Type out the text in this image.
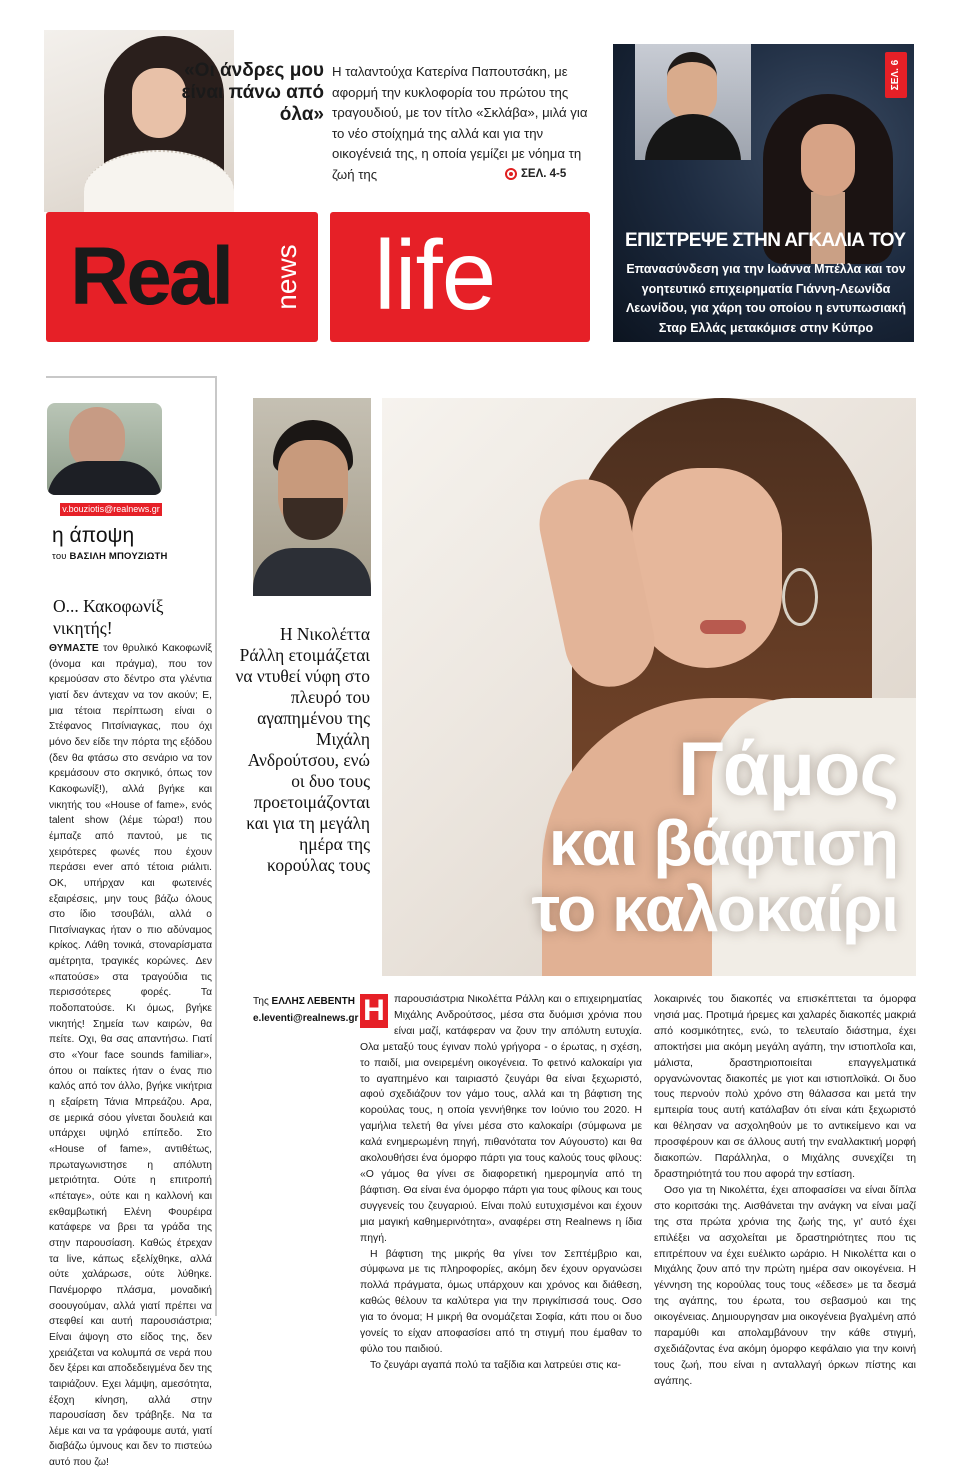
«Οι άνδρες μου είναι πάνω από όλα»
Η ταλαντούχα Κατερίνα Παπουτσάκη, με αφορμή την κυκλοφορία του πρώτου της τραγουδιού, με τον τίτλο «Σκλάβα», μιλά για το νέο στοίχημά της αλλά και για την οικογένειά της, η οποία γεμίζει με νόημα τη ζωή της	ΣΕΛ. 4-5
Real news life
ΣΕΛ. 6
ΕΠΙΣΤΡΕΨΕ ΣΤΗΝ ΑΓΚΑΛΙΑ ΤΟΥ
Επανασύνδεση για την Ιωάννα Μπέλλα και τον γοητευτικό επιχειρηματία Γιάννη-Λεωνίδα Λεωνίδου, για χάρη του οποίου η εντυπωσιακή Σταρ Ελλάς μετακόμισε στην Κύπρο
v.bouziotis@realnews.gr
η άποψη
του ΒΑΣΙΛΗ ΜΠΟΥΖΙΩΤΗ
Ο... Κακοφωνίξ νικητής!
ΘΥΜΑΣΤΕ τον θρυλικό Κακοφωνίξ (όνομα και πράγμα), που τον κρεμούσαν στο δέντρο στα γλέντια γιατί δεν άντεχαν να τον ακούν; Ε, μια τέτοια περίπτωση είναι ο Στέφανος Πιτσίνιαγκας, που όχι μόνο δεν είδε την πόρτα της εξόδου (δεν θα φτάσω στο σενάριο να τον κρεμάσουν στο σκηνικό, όπως τον Κακοφωνίξ!), αλλά βγήκε και νικητής του «House of fame», ενός talent show (λέμε τώρα!) που έμπαζε από παντού, με τις χειρότερες φωνές που έχουν περάσει ever από τέτοια ριάλιτι. ΟΚ, υπήρχαν και φωτεινές εξαιρέσεις, μην τους βάζω όλους στο ίδιο τσουβάλι, αλλά ο Πιτσίνιαγκας ήταν ο πιο αδύναμος κρίκος. Λάθη τονικά, στοναρίσματα αμέτρητα, τραγικές κορώνες. Δεν «πατούσε» στα τραγούδια τις περισσότερες φορές. Τα ποδοπατούσε. Κι όμως, βγήκε νικητής! Σημεία των καιρών, θα πείτε. Οχι, θα σας απαντήσω. Γιατί στο «Your face sounds familiar», όπου οι παίκτες ήταν ο ένας πιο καλός από τον άλλο, βγήκε νικήτρια η εξαίρετη Τάνια Μπρεάζου. Αρα, σε μερικά σόου γίνεται δουλειά και υπάρχει υψηλό επίπεδο. Στο «House of fame», αντιθέτως, πρωταγωνιστησε η απόλυτη μετριότητα. Ούτε η επιτροπή «πέταγε», ούτε και η καλλονή και εκθαμβωτική Ελένη Φουρέιρα κατάφερε να βρει τα γράδα της στην παρουσίαση. Καθώς έτρεχαν τα live, κάπως εξελίχθηκε, αλλά ούτε χαλάρωσε, ούτε λύθηκε. Πανέμορφο πλάσμα, μοναδική σοουγούμαν, αλλά γιατί πρέπει να στεφθεί και αυτή παρουσιάστρια; Είναι άψογη στο είδος της, δεν χρειάζεται να κολυμπά σε νερά που δεν ξέρει και αποδεδειγμένα δεν της ταιριάζουν. Εχει λάμψη, αμεσότητα, έξοχη κίνηση, αλλά στην παρουσίαση δεν τράβηξε. Να τα λέμε και να τα γράφουμε αυτά, γιατί διαβάζω ύμνους και δεν το πιστεύω αυτό που ζω!
Η Νικολέττα Ράλλη ετοιμάζεται να ντυθεί νύφη στο πλευρό του αγαπημένου της Μιχάλη Ανδρούτσου, ενώ οι δυο τους προετοιμάζονται και για τη μεγάλη ημέρα της κορούλας τους
Της ΕΛΛΗΣ ΛΕΒΕΝΤΗ
e.leventi@realnews.gr
Γάμος
και βάφτιση
το καλοκαίρι
Η παρουσιάστρια Νικολέττα Ράλλη και ο επιχειρηματίας Μιχάλης Ανδρούτσος, μέσα στα δυόμισι χρόνια που είναι μαζί, κατάφεραν να ζουν την απόλυτη ευτυχία. Ολα μεταξύ τους έγιναν πολύ γρήγορα - ο έρωτας, η σχέση, το παιδί, μια ονειρεμένη οικογένεια. Το φετινό καλοκαίρι για το αγαπημένο και ταιριαστό ζευγάρι θα είναι ξεχωριστό, αφού σχεδιάζουν τον γάμο τους, αλλά και τη βάφτιση της κορούλας τους, η οποία γεννήθηκε τον Ιούνιο του 2020. Η γαμήλια τελετή θα γίνει μέσα στο καλοκαίρι (σύμφωνα με καλά ενημερωμένη πηγή, πιθανότατα τον Αύγουστο) και θα ακολουθήσει ένα όμορφο πάρτι για τους καλούς τους φίλους: «Ο γάμος θα γίνει σε διαφορετική ημερομηνία από τη βάφτιση. Θα είναι ένα όμορφο πάρτι για τους φίλους και τους συγγενείς του ζευγαριού. Είναι πολύ ευτυχισμένοι και έχουν μια μαγική καθημερινότητα», αναφέρει στη Realnews η ίδια πηγή.

Η βάφτιση της μικρής θα γίνει τον Σεπτέμβριο και, σύμφωνα με τις πληροφορίες, ακόμη δεν έχουν οργανώσει πολλά πράγματα, όμως υπάρχουν και χρόνος και διάθεση, καθώς θέλουν τα καλύτερα για την πριγκίπισσά τους. Οσο για το όνομα; Η μικρή θα ονομάζεται Σοφία, κάτι που οι δυο γονείς το είχαν αποφασίσει από τη στιγμή που έμαθαν το φύλο του παιδιού.

Το ζευγάρι αγαπά πολύ τα ταξίδια και λατρεύει στις κα-

λοκαιρινές του διακοπές να επισκέπτεται τα όμορφα νησιά μας. Προτιμά ήρεμες και χαλαρές διακοπές μακριά από κοσμικότητες, ενώ, το τελευταίο διάστημα, έχει αποκτήσει μια ακόμη μεγάλη αγάπη, την ιστιοπλοΐα και, μάλιστα, δραστηριοποιείται επαγγελματικά οργανώνοντας διακοπές με γιοτ και ιστιοπλοϊκά. Οι δυο τους περνούν πολύ χρόνο στη θάλασσα και μετά την εμπειρία τους αυτή κατάλαβαν ότι είναι κάτι ξεχωριστό και θέλησαν να ασχοληθούν με το αντικείμενο και να προσφέρουν και σε άλλους αυτή την εναλλακτική μορφή διακοπών. Παράλληλα, ο Μιχάλης συνεχίζει τη δραστηριότητά του που αφορά την εστίαση.

Οσο για τη Νικολέττα, έχει αποφασίσει να είναι δίπλα στο κοριτσάκι της. Αισθάνεται την ανάγκη να είναι μαζί της στα πρώτα χρόνια της ζωής της, γι' αυτό έχει επιλέξει να ασχολείται με δραστηριότητες που τις επιτρέπουν να έχει ευέλικτο ωράριο. Η Νικολέττα και ο Μιχάλης ζουν από την πρώτη ημέρα σαν οικογένεια. Η γέννηση της κορούλας τους τους «έδεσε» με τα δεσμά της αγάπης, του έρωτα, του σεβασμού και της οικογένειας. Δημιουργησαν μια οικογένεια βγαλμένη από παραμύθι και απολαμβάνουν την κάθε στιγμή, σχεδιάζοντας ένα ακόμη όμορφο κεφάλαιο για την κοινή τους ζωή, που είναι η ανταλλαγή όρκων πίστης και αγάπης.
